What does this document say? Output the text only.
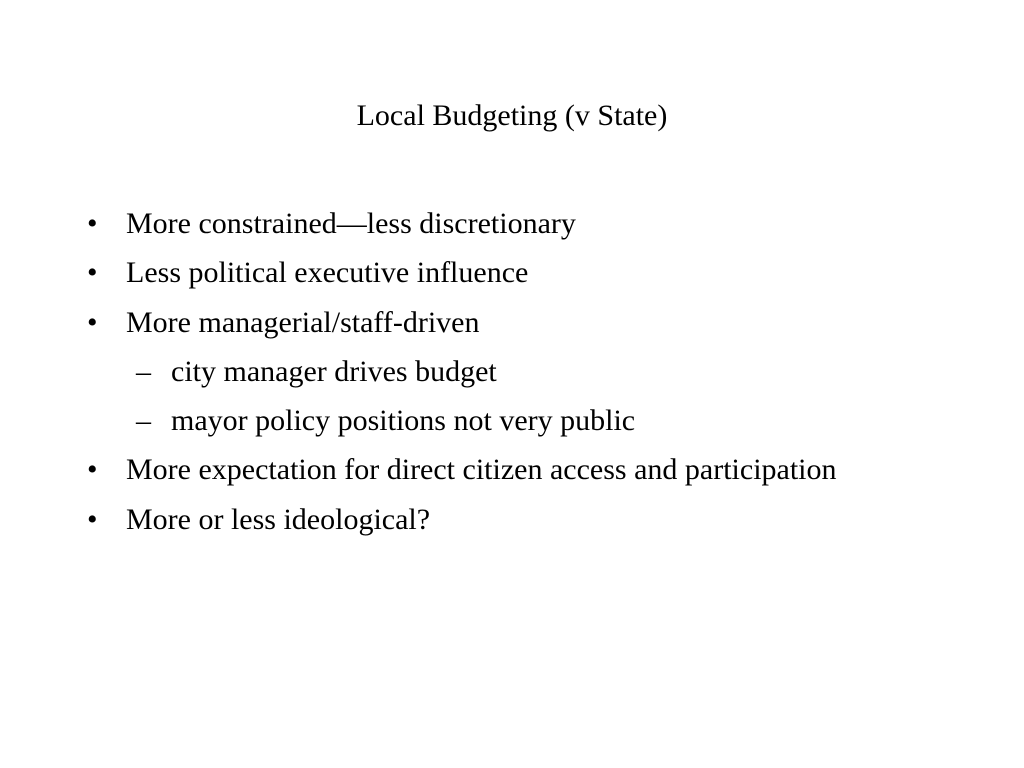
Local Budgeting (v State)
• More constrained—less discretionary
• Less political executive influence
• More managerial/staff-driven
– city manager drives budget
– mayor policy positions not very public
• More expectation for direct citizen access and participation
• More or less ideological?
